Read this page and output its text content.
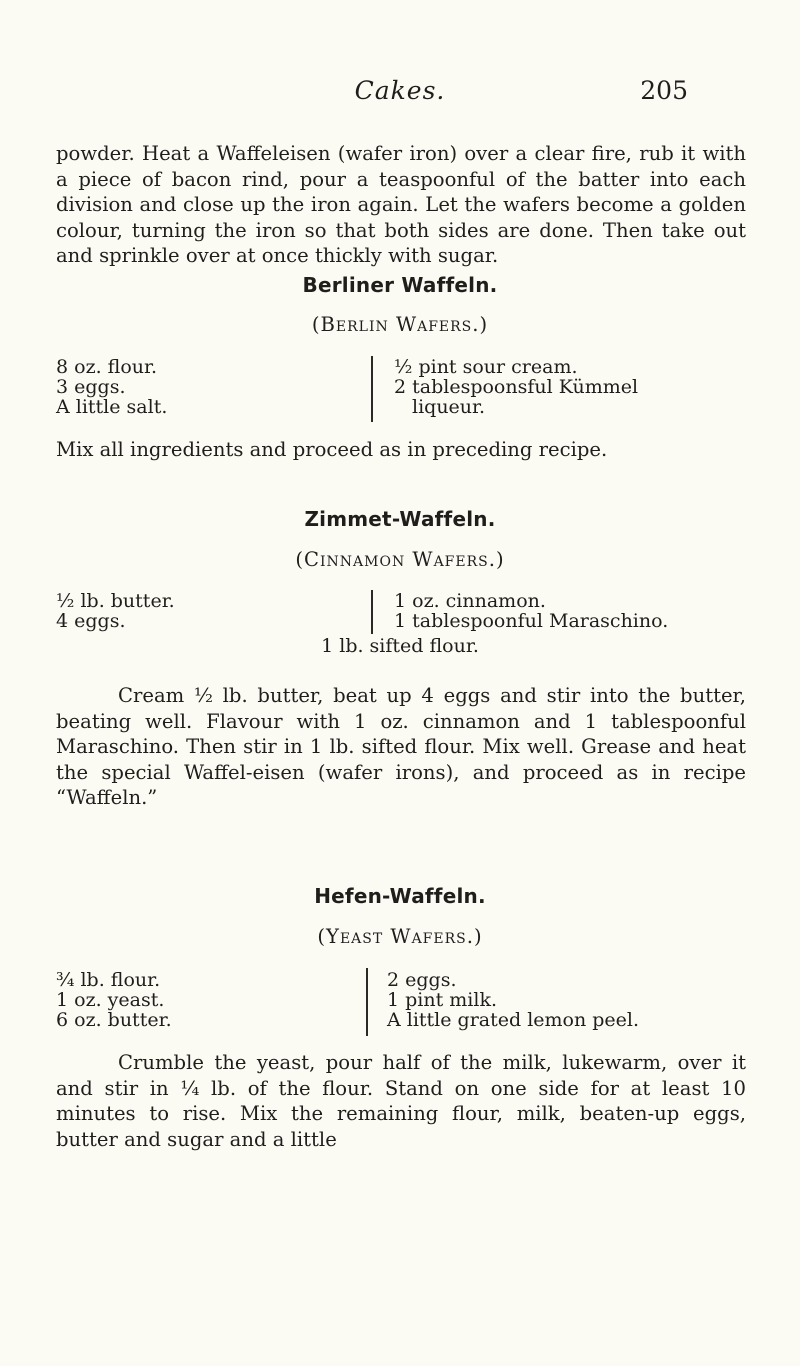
Cakes.	205

powder. Heat a Waffeleisen (wafer iron) over a clear fire, rub it with a piece of bacon rind, pour a teaspoonful of the batter into each division and close up the iron again. Let the wafers become a golden colour, turning the iron so that both sides are done. Then take out and sprinkle over at once thickly with sugar.

Berliner Waffeln.
(Berlin Wafers.)
8 oz. flour.
3 eggs.
A little salt.
½ pint sour cream.
2 tablespoonsful Kümmel
liqueur.
Mix all ingredients and proceed as in preceding recipe.
Zimmet-Waffeln.
(Cinnamon Wafers.)
½ lb. butter.
4 eggs.
1 oz. cinnamon.
1 tablespoonful Maraschino.
1 lb. sifted flour.

Cream ½ lb. butter, beat up 4 eggs and stir into the butter, beating well. Flavour with 1 oz. cinnamon and 1 tablespoonful Maraschino. Then stir in 1 lb. sifted flour. Mix well. Grease and heat the special Waffel-eisen (wafer irons), and proceed as in recipe “Waffeln.”

Hefen-Waffeln.
(Yeast Wafers.)
¾ lb. flour.
1 oz. yeast.
6 oz. butter.
2 eggs.
1 pint milk.
A little grated lemon peel.

Crumble the yeast, pour half of the milk, lukewarm, over it and stir in ¼ lb. of the flour. Stand on one side for at least 10 minutes to rise. Mix the remaining flour, milk, beaten-up eggs, butter and sugar and a little
